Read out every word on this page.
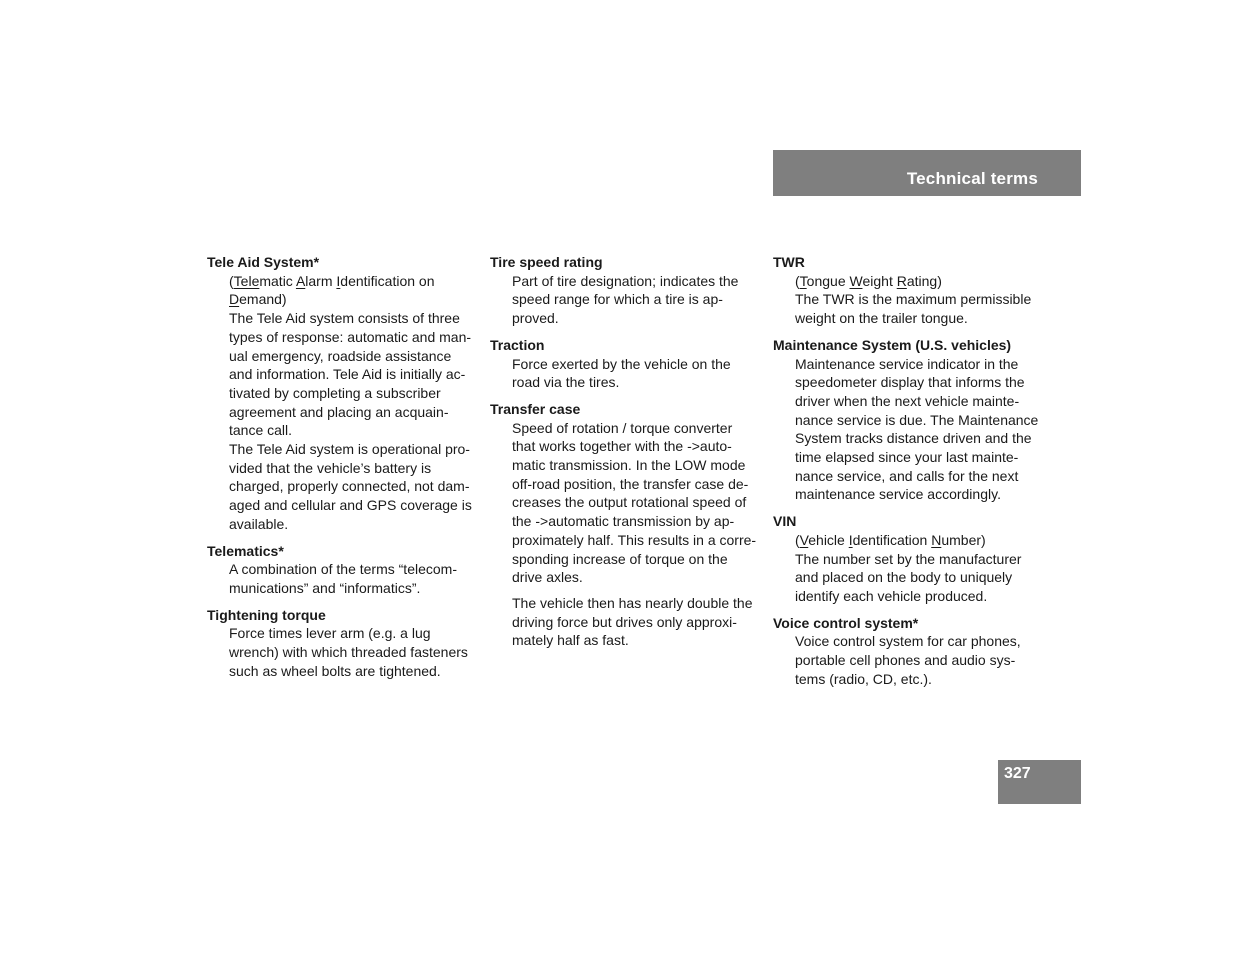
Technical terms
Tele Aid System*
(Telematic Alarm Identification on
Demand)
The Tele Aid system consists of three
types of response: automatic and man-
ual emergency, roadside assistance
and information. Tele Aid is initially ac-
tivated by completing a subscriber
agreement and placing an acquain-
tance call.
The Tele Aid system is operational pro-
vided that the vehicle’s battery is
charged, properly connected, not dam-
aged and cellular and GPS coverage is
available.
Telematics*
A combination of the terms “telecom-
munications” and “informatics”.
Tightening torque
Force times lever arm (e.g. a lug
wrench) with which threaded fasteners
such as wheel bolts are tightened.
Tire speed rating
Part of tire designation; indicates the
speed range for which a tire is ap-
proved.
Traction
Force exerted by the vehicle on the
road via the tires.
Transfer case
Speed of rotation / torque converter
that works together with the ->auto-
matic transmission. In the LOW mode
off-road position, the transfer case de-
creases the output rotational speed of
the ->automatic transmission by ap-
proximately half. This results in a corre-
sponding increase of torque on the
drive axles.
The vehicle then has nearly double the
driving force but drives only approxi-
mately half as fast.
TWR
(Tongue Weight Rating)
The TWR is the maximum permissible
weight on the trailer tongue.
Maintenance System (U.S. vehicles)
Maintenance service indicator in the
speedometer display that informs the
driver when the next vehicle mainte-
nance service is due. The Maintenance
System tracks distance driven and the
time elapsed since your last mainte-
nance service, and calls for the next
maintenance service accordingly.
VIN
(Vehicle Identification Number)
The number set by the manufacturer
and placed on the body to uniquely
identify each vehicle produced.
Voice control system*
Voice control system for car phones,
portable cell phones and audio sys-
tems (radio, CD, etc.).
327
